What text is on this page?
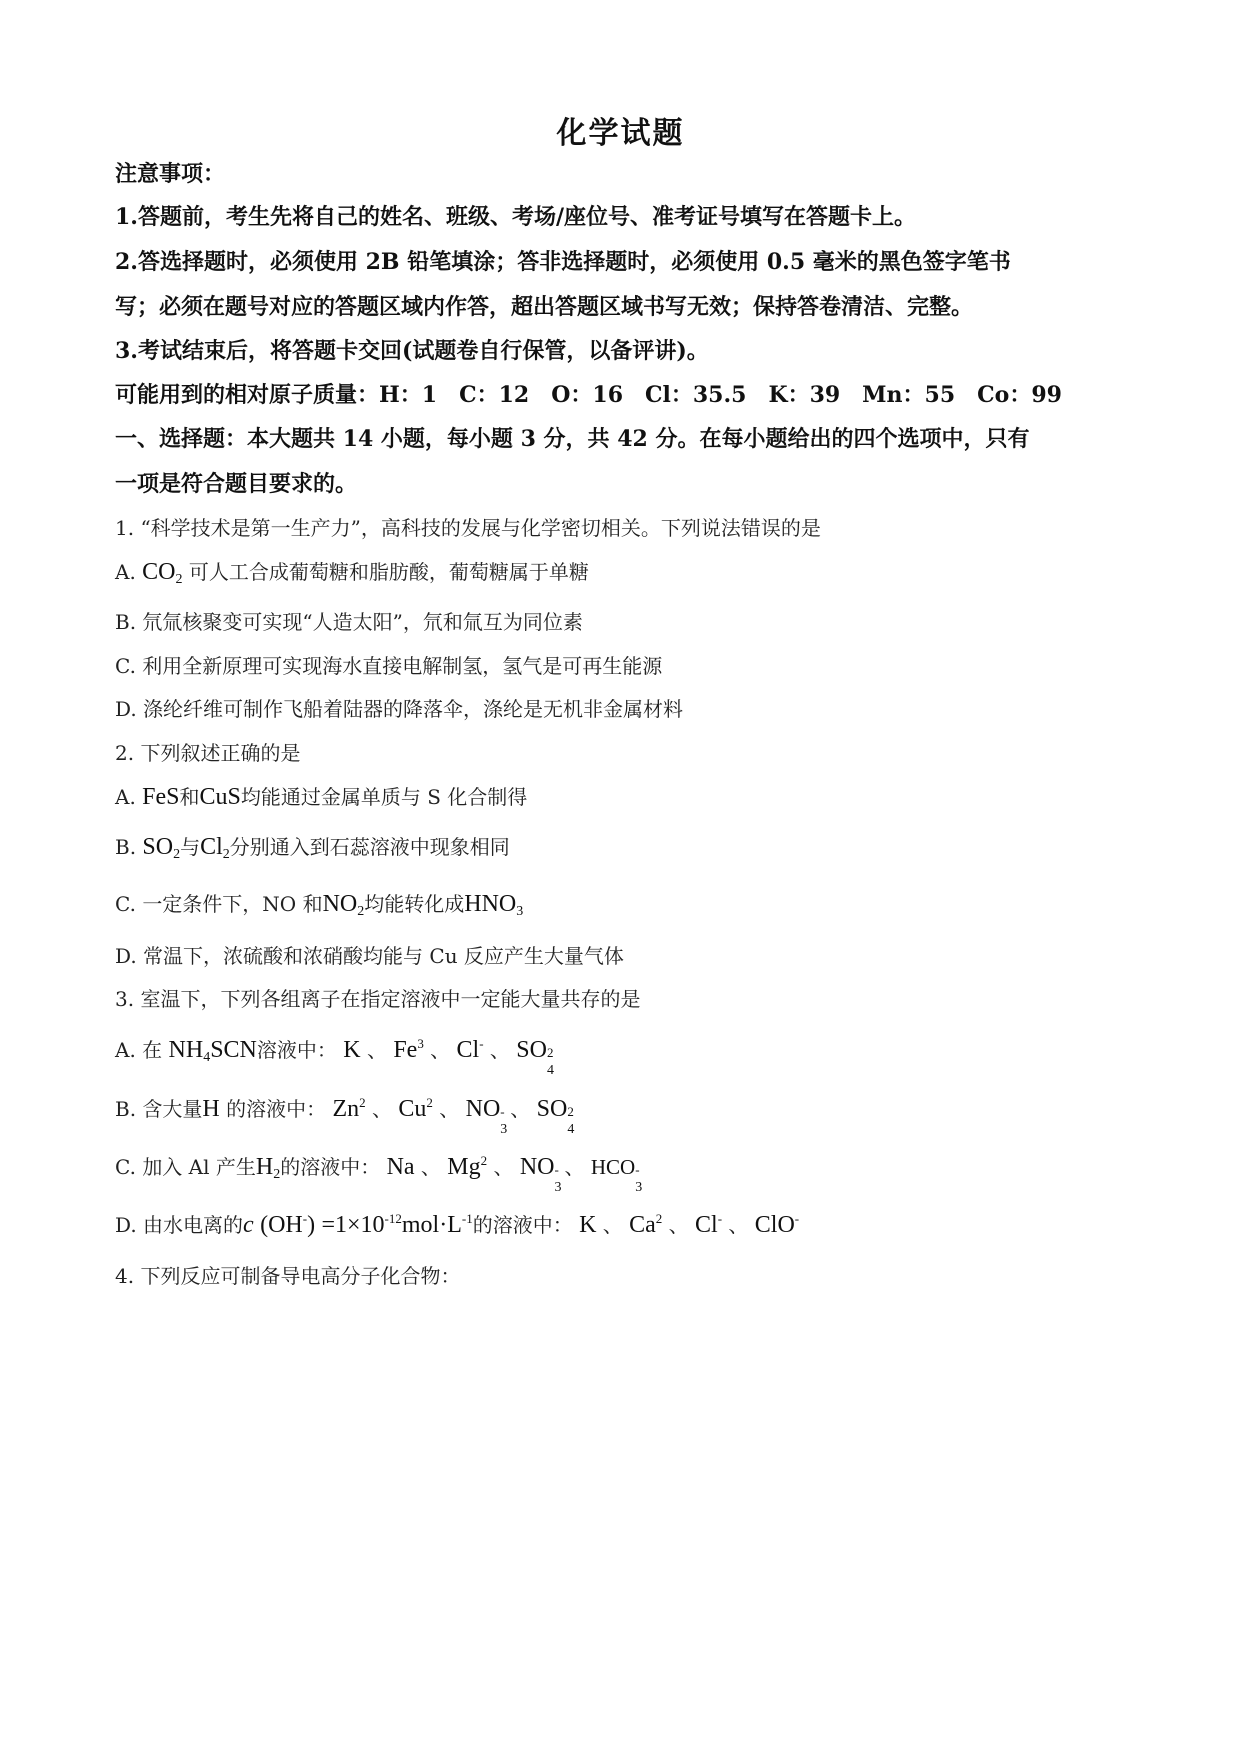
化学试题
注意事项：
1.答题前，考生先将自己的姓名、班级、考场/座位号、准考证号填写在答题卡上。
2.答选择题时，必须使用 2B 铅笔填涂；答非选择题时，必须使用 0.5 毫米的黑色签字笔书
写；必须在题号对应的答题区域内作答，超出答题区域书写无效；保持答卷清洁、完整。
3.考试结束后，将答题卡交回(试题卷自行保管，以备评讲)。
可能用到的相对原子质量：H：1　C：12　O：16　Cl：35.5　K：39　Mn：55　Co：99
一、选择题：本大题共 14 小题，每小题 3 分，共 42 分。在每小题给出的四个选项中，只有
一项是符合题目要求的。
1. “科学技术是第一生产力”，高科技的发展与化学密切相关。下列说法错误的是
A. $CO_2$ 可人工合成葡萄糖和脂肪酸，葡萄糖属于单糖
B. 氘氚核聚变可实现“人造太阳”，氘和氚互为同位素
C. 利用全新原理可实现海水直接电解制氢，氢气是可再生能源
D. 涤纶纤维可制作飞船着陆器的降落伞，涤纶是无机非金属材料
2. 下列叙述正确的是
A. FeS和CuS均能通过金属单质与 S 化合制得
B. $SO_2$与$Cl_2$分别通入到石蕊溶液中现象相同
C. 一定条件下，NO 和$NO_2$均能转化成$HNO_3$
D. 常温下，浓硫酸和浓硝酸均能与 Cu 反应产生大量气体
3. 室温下，下列各组离子在指定溶液中一定能大量共存的是
A. 在 $NH_4SCN$溶液中： K 、 Fe$^3$ 、 Cl- 、 SO 2
4
B. 含大量H 的溶液中： Zn$^2$ 、 Cu$^2$ 、 NO -
3
、 SO 2
4
C. 加入 Al 产生$H_2$的溶液中： Na 、 Mg$^2$ 、 NO -
3
、 HCO -
3
D. 由水电离的c $(OH^-) =1\times 10^{-12}mol\cdot L^{-1}$的溶液中： K 、 Ca$^2$ 、 Cl- 、 ClO-
4. 下列反应可制备导电高分子化合物：
